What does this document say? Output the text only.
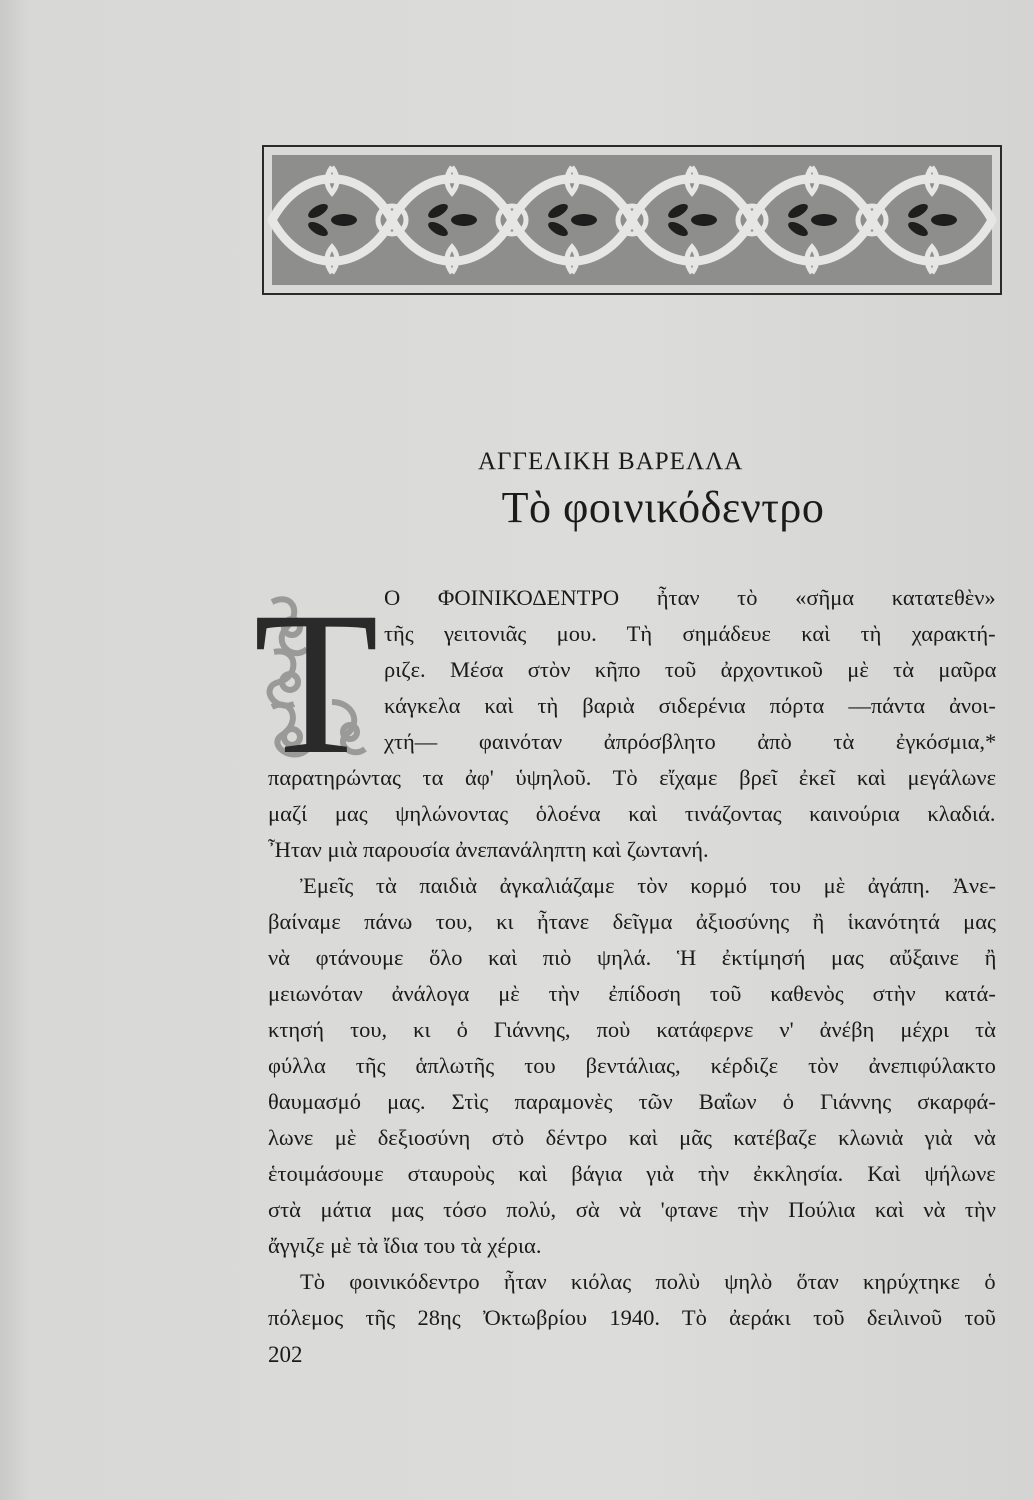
ΑΓΓΕΛΙΚΗ ΒΑΡΕΛΛΑ
Τὸ φοινικόδεντρο
Τ Ο ΦΟΙΝΙΚΟΔΕΝΤΡΟ ἦταν τὸ «σῆμα κατατεθὲν»
τῆς γειτονιᾶς μου. Τὴ σημάδευε καὶ τὴ χαρακτή-
ριζε. Μέσα στὸν κῆπο τοῦ ἀρχοντικοῦ μὲ τὰ μαῦρα
κάγκελα καὶ τὴ βαριὰ σιδερένια πόρτα —πάντα ἀνοι-
χτή— φαινόταν ἀπρόσβλητο ἀπὸ τὰ ἐγκόσμια,*
παρατηρώντας τα ἀφ' ὑψηλοῦ. Τὸ εἴχαμε βρεῖ ἐκεῖ καὶ μεγάλωνε
μαζί μας ψηλώνοντας ὁλοένα καὶ τινάζοντας καινούρια κλαδιά.
Ἦταν μιὰ παρουσία ἀνεπανάληπτη καὶ ζωντανή.
Ἐμεῖς τὰ παιδιὰ ἀγκαλιάζαμε τὸν κορμό του μὲ ἀγάπη. Ἀνε-
βαίναμε πάνω του, κι ἦτανε δεῖγμα ἀξιοσύνης ἢ ἱκανότητά μας
νὰ φτάνουμε ὅλο καὶ πιὸ ψηλά. Ἡ ἐκτίμησή μας αὔξαινε ἢ
μειωνόταν ἀνάλογα μὲ τὴν ἐπίδοση τοῦ καθενὸς στὴν κατά-
κτησή του, κι ὁ Γιάννης, ποὺ κατάφερνε ν' ἀνέβη μέχρι τὰ
φύλλα τῆς ἁπλωτῆς του βεντάλιας, κέρδιζε τὸν ἀνεπιφύλακτο
θαυμασμό μας. Στὶς παραμονὲς τῶν Βαΐων ὁ Γιάννης σκαρφά-
λωνε μὲ δεξιοσύνη στὸ δέντρο καὶ μᾶς κατέβαζε κλωνιὰ γιὰ νὰ
ἑτοιμάσουμε σταυροὺς καὶ βάγια γιὰ τὴν ἐκκλησία. Καὶ ψήλωνε
στὰ μάτια μας τόσο πολύ, σὰ νὰ 'φτανε τὴν Πούλια καὶ νὰ τὴν
ἄγγιζε μὲ τὰ ἴδια του τὰ χέρια.
Τὸ φοινικόδεντρο ἦταν κιόλας πολὺ ψηλὸ ὅταν κηρύχτηκε ὁ
πόλεμος τῆς 28ης Ὀκτωβρίου 1940. Τὸ ἀεράκι τοῦ δειλινοῦ τοῦ
202
